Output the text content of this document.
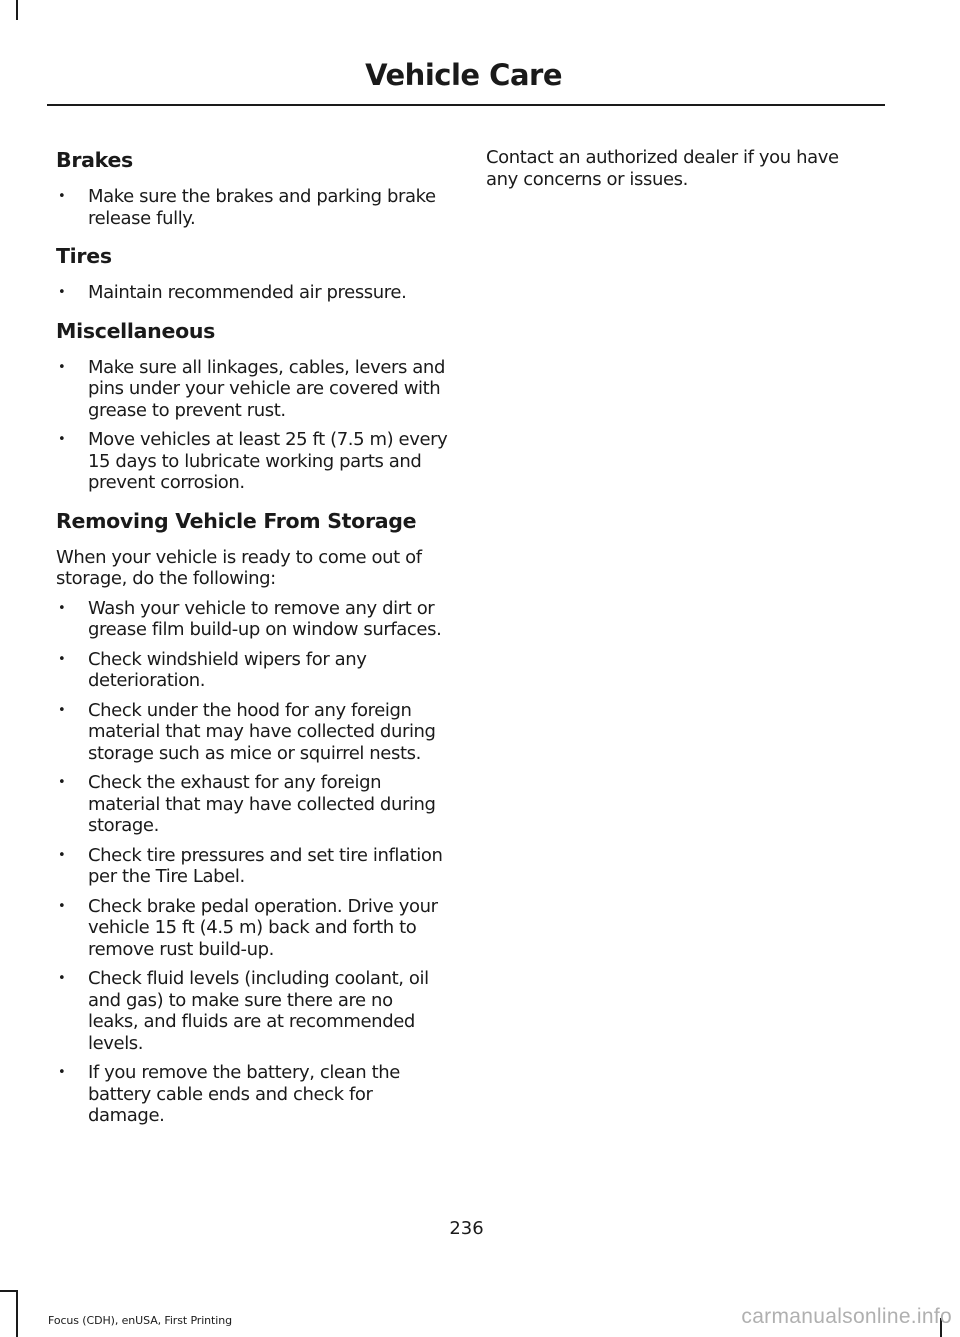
Vehicle Care
Brakes
• Make sure the brakes and parking brake release fully.
Tires
• Maintain recommended air pressure.
Miscellaneous
• Make sure all linkages, cables, levers and pins under your vehicle are covered with grease to prevent rust.
• Move vehicles at least 25 ft (7.5 m) every 15 days to lubricate working parts and prevent corrosion.
Removing Vehicle From Storage

When your vehicle is ready to come out of storage, do the following:

• Wash your vehicle to remove any dirt or grease film build-up on window surfaces.
• Check windshield wipers for any deterioration.
• Check under the hood for any foreign material that may have collected during storage such as mice or squirrel nests.
• Check the exhaust for any foreign material that may have collected during storage.
• Check tire pressures and set tire inflation per the Tire Label.
• Check brake pedal operation. Drive your vehicle 15 ft (4.5 m) back and forth to remove rust build-up.
• Check fluid levels (including coolant, oil and gas) to make sure there are no leaks, and fluids are at recommended levels.
• If you remove the battery, clean the battery cable ends and check for damage.

Contact an authorized dealer if you have any concerns or issues.

236
Focus (CDH), enUSA, First Printing	carmanualsonline.info
